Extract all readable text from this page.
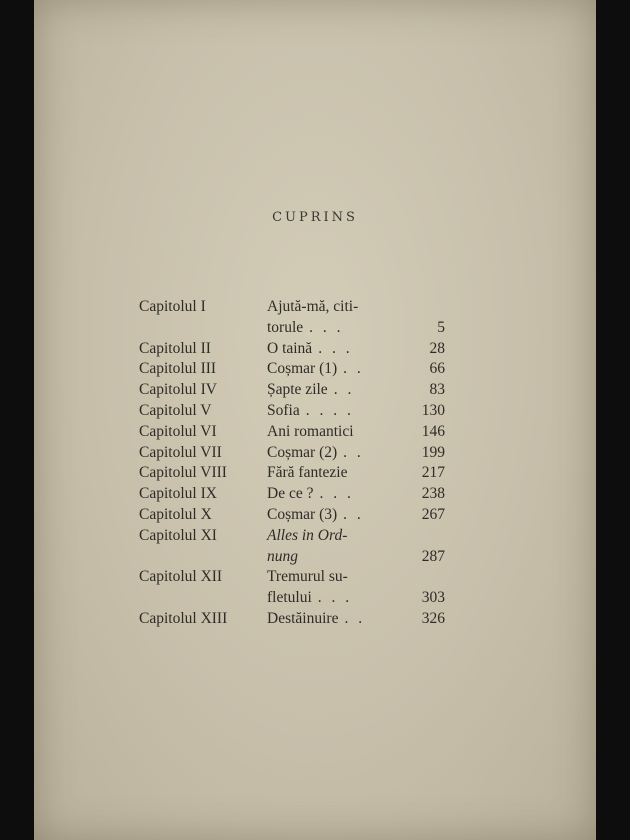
CUPRINS
Capitolul I	Ajută-mă, citi-
torule . . .	5
Capitolul II	O taină . . .	28
Capitolul III	Coșmar (1) . .	66
Capitolul IV	Șapte zile . .	83
Capitolul V	Sofia . . . .	130
Capitolul VI	Ani romantici	146
Capitolul VII	Coșmar (2) . .	199
Capitolul VIII	Fără fantezie	217
Capitolul IX	De ce ? . . .	238
Capitolul X	Coșmar (3) . .	267
Capitolul XI	Alles in Ord-
nung	287
Capitolul XII	Tremurul su-
fletului . . .	303
Capitolul XIII	Destăinuire . .	326
